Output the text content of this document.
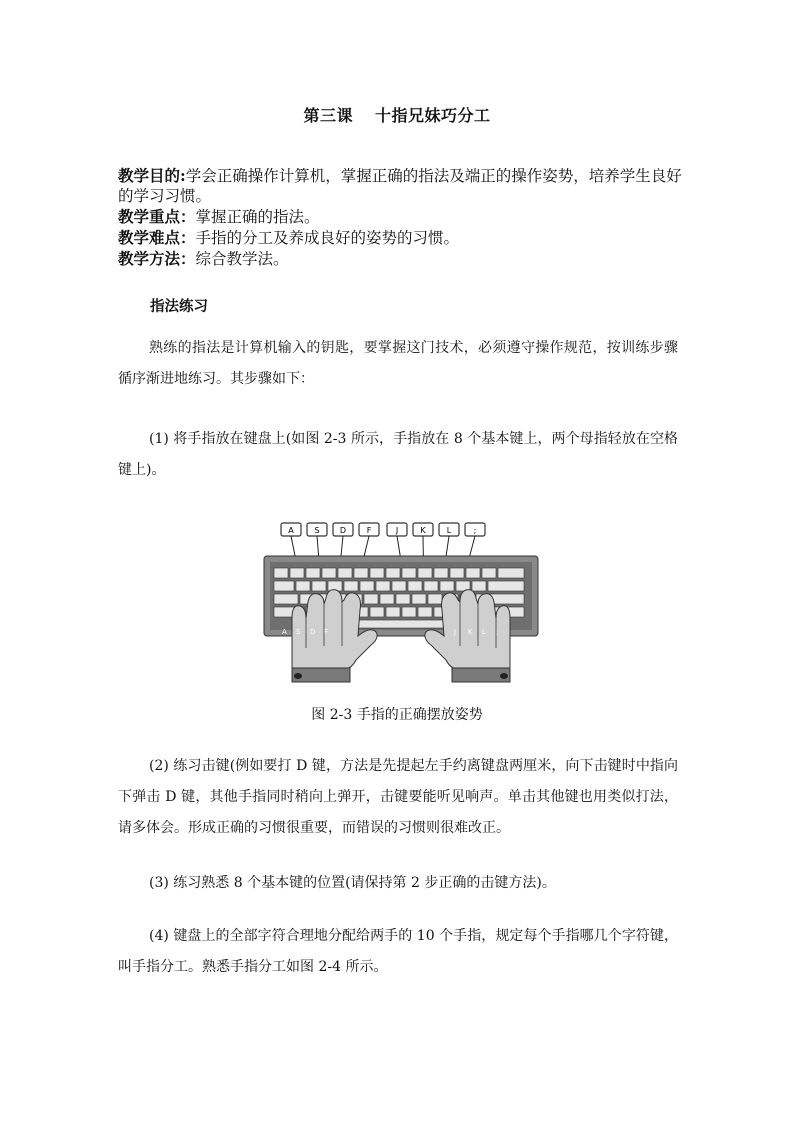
第三课 十指兄妹巧分工
教学目的:学会正确操作计算机，掌握正确的指法及端正的操作姿势，培养学生良好的学习习惯。
教学重点：掌握正确的指法。
教学难点：手指的分工及养成良好的姿势的习惯。
教学方法：综合教学法。
指法练习

熟练的指法是计算机输入的钥匙，要掌握这门技术，必须遵守操作规范，按训练步骤循序渐进地练习。其步骤如下：

(1) 将手指放在键盘上(如图 2-3 所示，手指放在 8 个基本键上，两个母指轻放在空格键上)。

A	S	D	F	J	K	L	;
A S D F	J K L ;
图 2-3 手指的正确摆放姿势

(2) 练习击键(例如要打 D 键，方法是先提起左手约离键盘两厘米，向下击键时中指向下弹击 D 键，其他手指同时稍向上弹开，击键要能听见响声。单击其他键也用类似打法，请多体会。形成正确的习惯很重要，而错误的习惯则很难改正。

(3) 练习熟悉 8 个基本键的位置(请保持第 2 步正确的击键方法)。

(4) 键盘上的全部字符合理地分配给两手的 10 个手指，规定每个手指哪几个字符键，叫手指分工。熟悉手指分工如图 2-4 所示。
